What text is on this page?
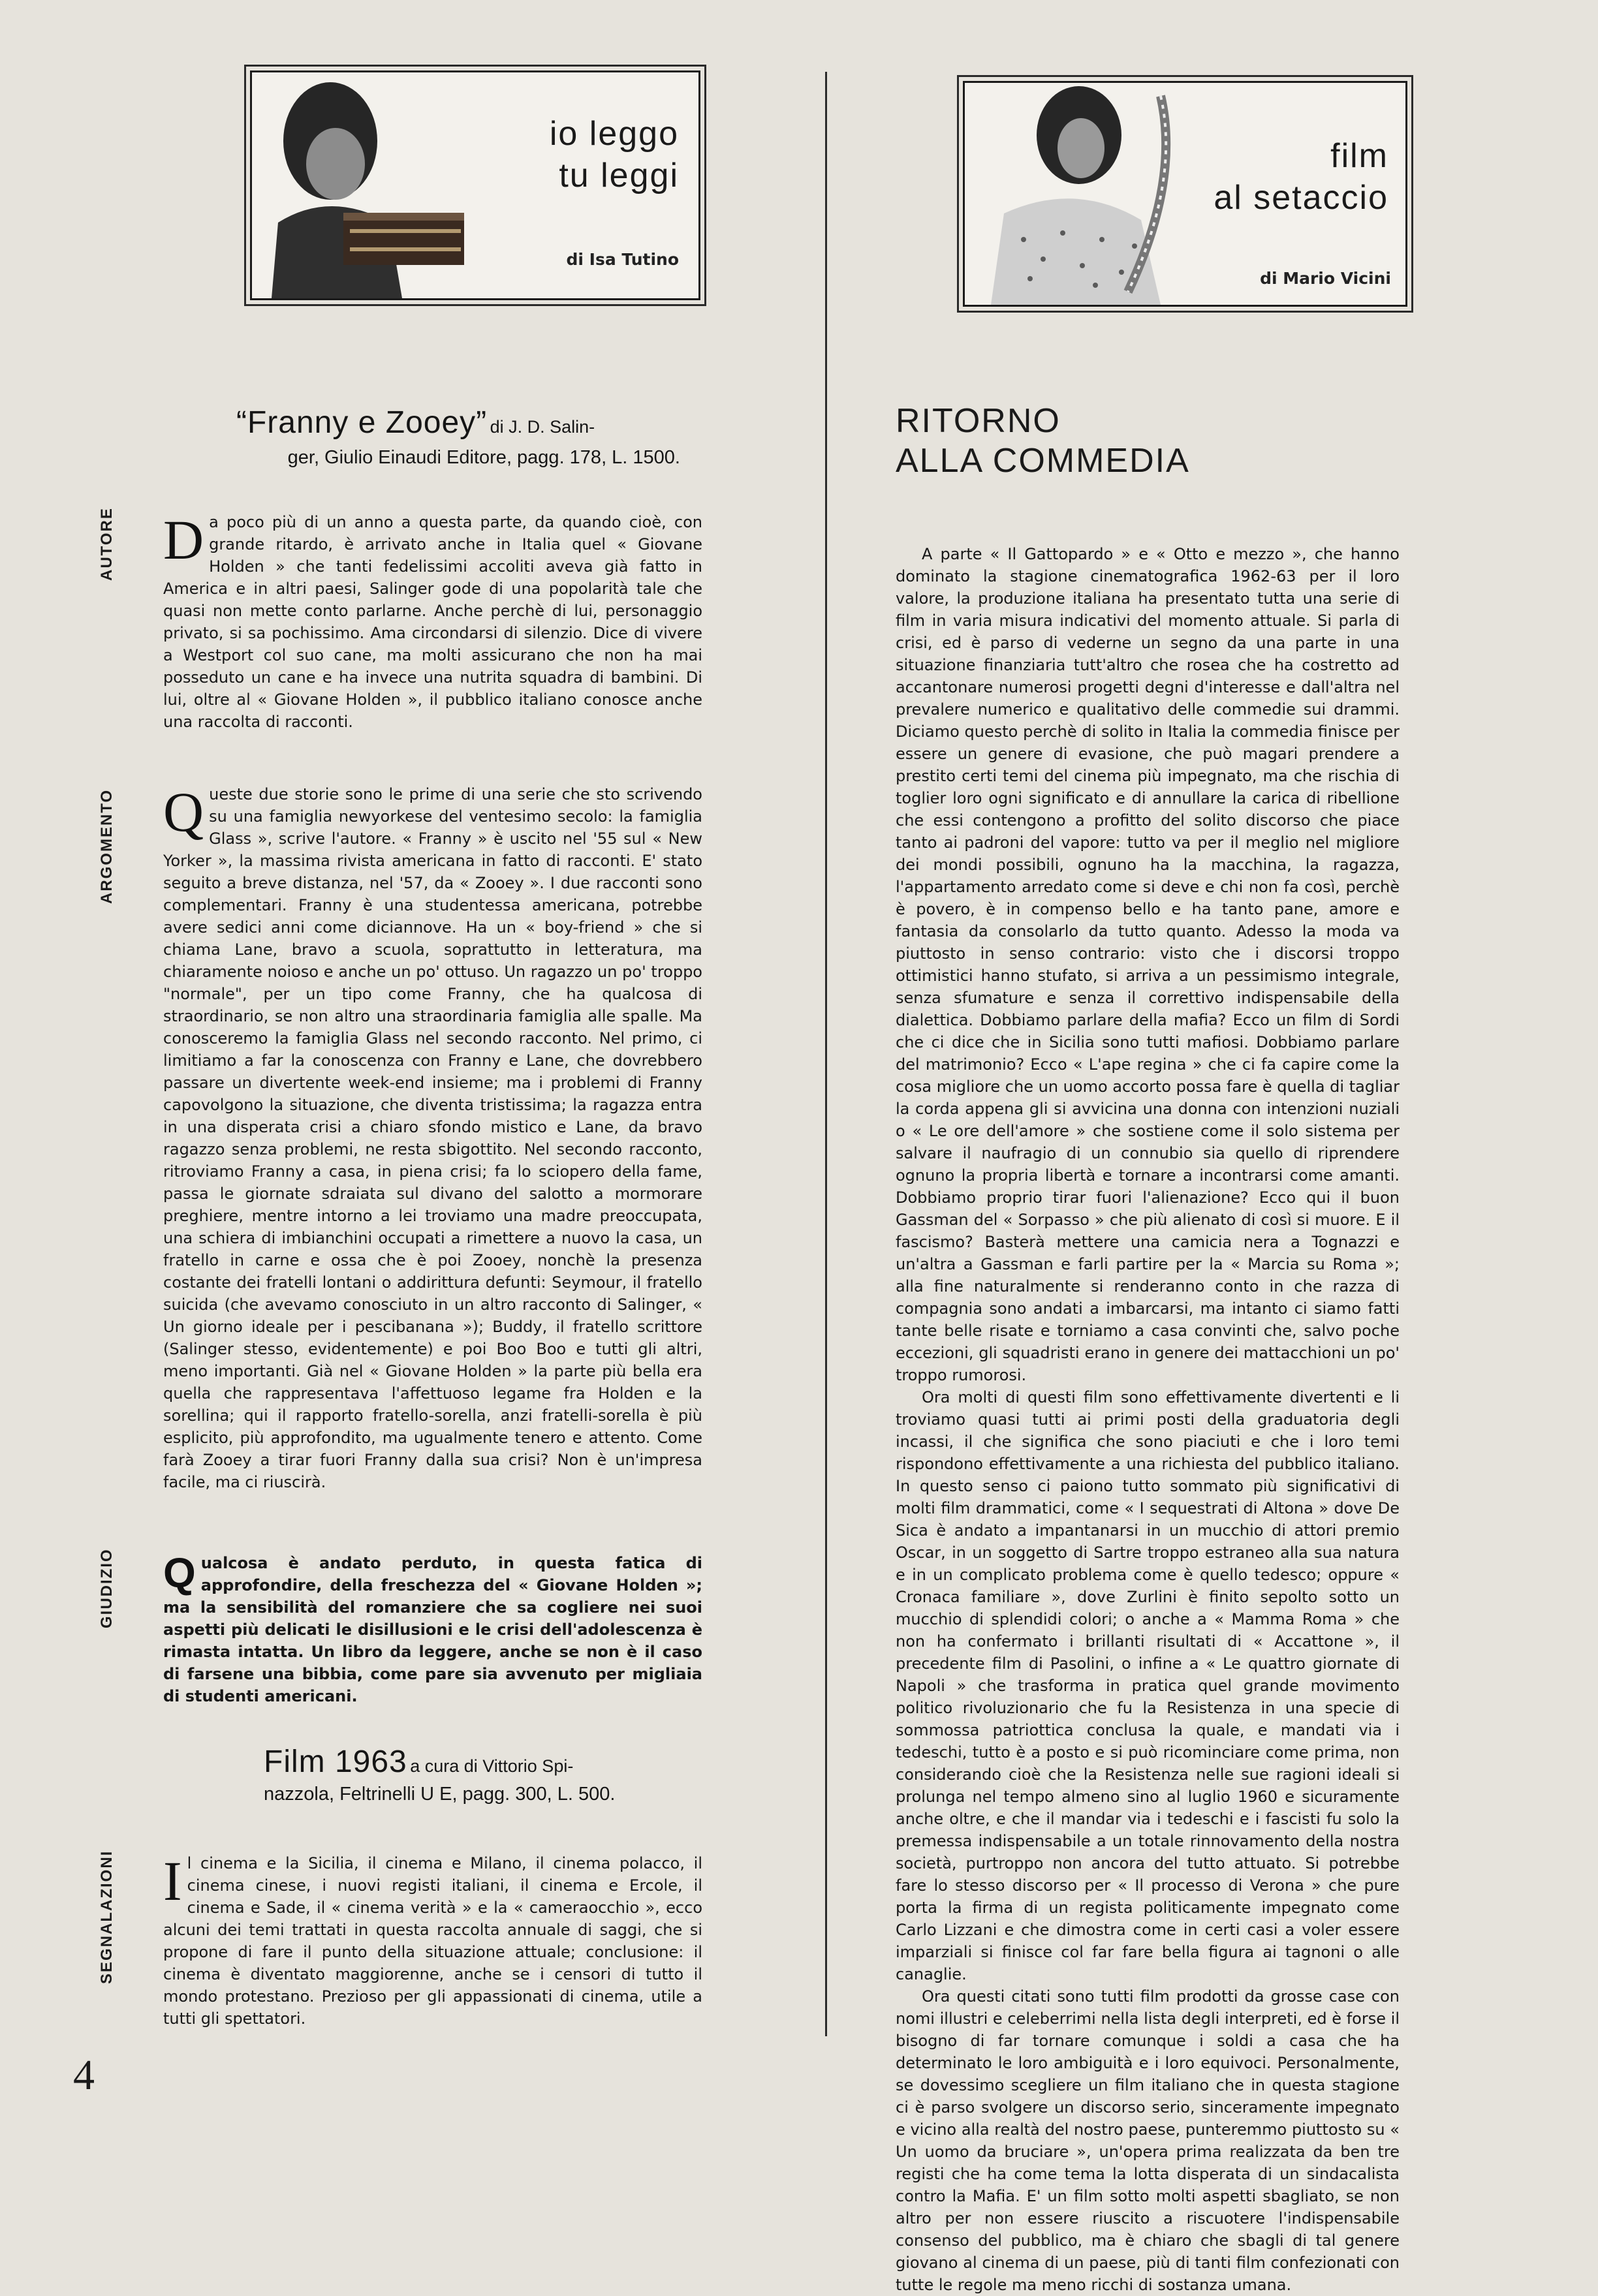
io leggo
tu leggi
di Isa Tutino
film
al setaccio
di Mario Vicini
AUTORE
ARGOMENTO
GIUDIZIO
SEGNALAZIONI
“Franny e Zooey” di J. D. Salin-
ger, Giulio Einaudi Editore, pagg. 178, L. 1500.
Da poco più di un anno a questa parte, da quando cioè, con grande ritardo, è arrivato anche in Italia quel « Giovane Holden » che tanti fedelissimi accoliti aveva già fatto in America e in altri paesi, Salinger gode di una popolarità tale che quasi non mette conto parlarne. Anche perchè di lui, personaggio privato, si sa pochissimo. Ama circondarsi di silenzio. Dice di vivere a Westport col suo cane, ma molti assicurano che non ha mai posseduto un cane e ha invece una nutrita squadra di bambini. Di lui, oltre al « Giovane Holden », il pubblico italiano conosce anche una raccolta di racconti.
Queste due storie sono le prime di una serie che sto scrivendo su una famiglia newyorkese del ventesimo secolo: la famiglia Glass », scrive l'autore. « Franny » è uscito nel '55 sul « New Yorker », la massima rivista americana in fatto di racconti. E' stato seguito a breve distanza, nel '57, da « Zooey ». I due racconti sono complementari. Franny è una studentessa americana, potrebbe avere sedici anni come diciannove. Ha un « boy-friend » che si chiama Lane, bravo a scuola, soprattutto in letteratura, ma chiaramente noioso e anche un po' ottuso. Un ragazzo un po' troppo "normale", per un tipo come Franny, che ha qualcosa di straordinario, se non altro una straordinaria famiglia alle spalle. Ma conosceremo la famiglia Glass nel secondo racconto. Nel primo, ci limitiamo a far la conoscenza con Franny e Lane, che dovrebbero passare un divertente week-end insieme; ma i problemi di Franny capovolgono la situazione, che diventa tristissima; la ragazza entra in una disperata crisi a chiaro sfondo mistico e Lane, da bravo ragazzo senza problemi, ne resta sbigottito. Nel secondo racconto, ritroviamo Franny a casa, in piena crisi; fa lo sciopero della fame, passa le giornate sdraiata sul divano del salotto a mormorare preghiere, mentre intorno a lei troviamo una madre preoccupata, una schiera di imbianchini occupati a rimettere a nuovo la casa, un fratello in carne e ossa che è poi Zooey, nonchè la presenza costante dei fratelli lontani o addirittura defunti: Seymour, il fratello suicida (che avevamo conosciuto in un altro racconto di Salinger, « Un giorno ideale per i pescibanana »); Buddy, il fratello scrittore (Salinger stesso, evidentemente) e poi Boo Boo e tutti gli altri, meno importanti. Già nel « Giovane Holden » la parte più bella era quella che rappresentava l'affettuoso legame fra Holden e la sorellina; qui il rapporto fratello-sorella, anzi fratelli-sorella è più esplicito, più approfondito, ma ugualmente tenero e attento. Come farà Zooey a tirar fuori Franny dalla sua crisi? Non è un'impresa facile, ma ci riuscirà.
Qualcosa è andato perduto, in questa fatica di approfondire, della freschezza del « Giovane Holden »; ma la sensibilità del romanziere che sa cogliere nei suoi aspetti più delicati le disillusioni e le crisi dell'adolescenza è rimasta intatta. Un libro da leggere, anche se non è il caso di farsene una bibbia, come pare sia avvenuto per migliaia di studenti americani.
Film 1963 a cura di Vittorio Spi-
nazzola, Feltrinelli U E, pagg. 300, L. 500.
Il cinema e la Sicilia, il cinema e Milano, il cinema polacco, il cinema cinese, i nuovi registi italiani, il cinema e Ercole, il cinema e Sade, il « cinema verità » e la « cameraocchio », ecco alcuni dei temi trattati in questa raccolta annuale di saggi, che si propone di fare il punto della situazione attuale; conclusione: il cinema è diventato maggiorenne, anche se i censori di tutto il mondo protestano. Prezioso per gli appassionati di cinema, utile a tutti gli spettatori.
RITORNO
ALLA COMMEDIA

A parte « Il Gattopardo » e « Otto e mezzo », che hanno dominato la stagione cinematografica 1962-63 per il loro valore, la produzione italiana ha presentato tutta una serie di film in varia misura indicativi del momento attuale. Si parla di crisi, ed è parso di vederne un segno da una parte in una situazione finanziaria tutt'altro che rosea che ha costretto ad accantonare numerosi progetti degni d'interesse e dall'altra nel prevalere numerico e qualitativo delle commedie sui drammi. Diciamo questo perchè di solito in Italia la commedia finisce per essere un genere di evasione, che può magari prendere a prestito certi temi del cinema più impegnato, ma che rischia di toglier loro ogni significato e di annullare la carica di ribellione che essi contengono a profitto del solito discorso che piace tanto ai padroni del vapore: tutto va per il meglio nel migliore dei mondi possibili, ognuno ha la macchina, la ragazza, l'appartamento arredato come si deve e chi non fa così, perchè è povero, è in compenso bello e ha tanto pane, amore e fantasia da consolarlo da tutto quanto. Adesso la moda va piuttosto in senso contrario: visto che i discorsi troppo ottimistici hanno stufato, si arriva a un pessimismo integrale, senza sfumature e senza il correttivo indispensabile della dialettica. Dobbiamo parlare della mafia? Ecco un film di Sordi che ci dice che in Sicilia sono tutti mafiosi. Dobbiamo parlare del matrimonio? Ecco « L'ape regina » che ci fa capire come la cosa migliore che un uomo accorto possa fare è quella di tagliar la corda appena gli si avvicina una donna con intenzioni nuziali o « Le ore dell'amore » che sostiene come il solo sistema per salvare il naufragio di un connubio sia quello di riprendere ognuno la propria libertà e tornare a incontrarsi come amanti. Dobbiamo proprio tirar fuori l'alienazione? Ecco qui il buon Gassman del « Sorpasso » che più alienato di così si muore. E il fascismo? Basterà mettere una camicia nera a Tognazzi e un'altra a Gassman e farli partire per la « Marcia su Roma »; alla fine naturalmente si renderanno conto in che razza di compagnia sono andati a imbarcarsi, ma intanto ci siamo fatti tante belle risate e torniamo a casa convinti che, salvo poche eccezioni, gli squadristi erano in genere dei mattacchioni un po' troppo rumorosi.

Ora molti di questi film sono effettivamente divertenti e li troviamo quasi tutti ai primi posti della graduatoria degli incassi, il che significa che sono piaciuti e che i loro temi rispondono effettivamente a una richiesta del pubblico italiano. In questo senso ci paiono tutto sommato più significativi di molti film drammatici, come « I sequestrati di Altona » dove De Sica è andato a impantanarsi in un mucchio di attori premio Oscar, in un soggetto di Sartre troppo estraneo alla sua natura e in un complicato problema come è quello tedesco; oppure « Cronaca familiare », dove Zurlini è finito sepolto sotto un mucchio di splendidi colori; o anche a « Mamma Roma » che non ha confermato i brillanti risultati di « Accattone », il precedente film di Pasolini, o infine a « Le quattro giornate di Napoli » che trasforma in pratica quel grande movimento politico rivoluzionario che fu la Resistenza in una specie di sommossa patriottica conclusa la quale, e mandati via i tedeschi, tutto è a posto e si può ricominciare come prima, non considerando cioè che la Resistenza nelle sue ragioni ideali si prolunga nel tempo almeno sino al luglio 1960 e sicuramente anche oltre, e che il mandar via i tedeschi e i fascisti fu solo la premessa indispensabile a un totale rinnovamento della nostra società, purtroppo non ancora del tutto attuato. Si potrebbe fare lo stesso discorso per « Il processo di Verona » che pure porta la firma di un regista politicamente impegnato come Carlo Lizzani e che dimostra come in certi casi a voler essere imparziali si finisce col far fare bella figura ai tagnoni o alle canaglie.

Ora questi citati sono tutti film prodotti da grosse case con nomi illustri e celeberrimi nella lista degli interpreti, ed è forse il bisogno di far tornare comunque i soldi a casa che ha determinato le loro ambiguità e i loro equivoci. Personalmente, se dovessimo scegliere un film italiano che in questa stagione ci è parso svolgere un discorso serio, sinceramente impegnato e vicino alla realtà del nostro paese, punteremmo piuttosto su « Un uomo da bruciare », un'opera prima realizzata da ben tre registi che ha come tema la lotta disperata di un sindacalista contro la Mafia. E' un film sotto molti aspetti sbagliato, se non altro per non essere riuscito a riscuotere l'indispensabile consenso del pubblico, ma è chiaro che sbagli di tal genere giovano al cinema di un paese, più di tanti film confezionati con tutte le regole ma meno ricchi di sostanza umana.

4
